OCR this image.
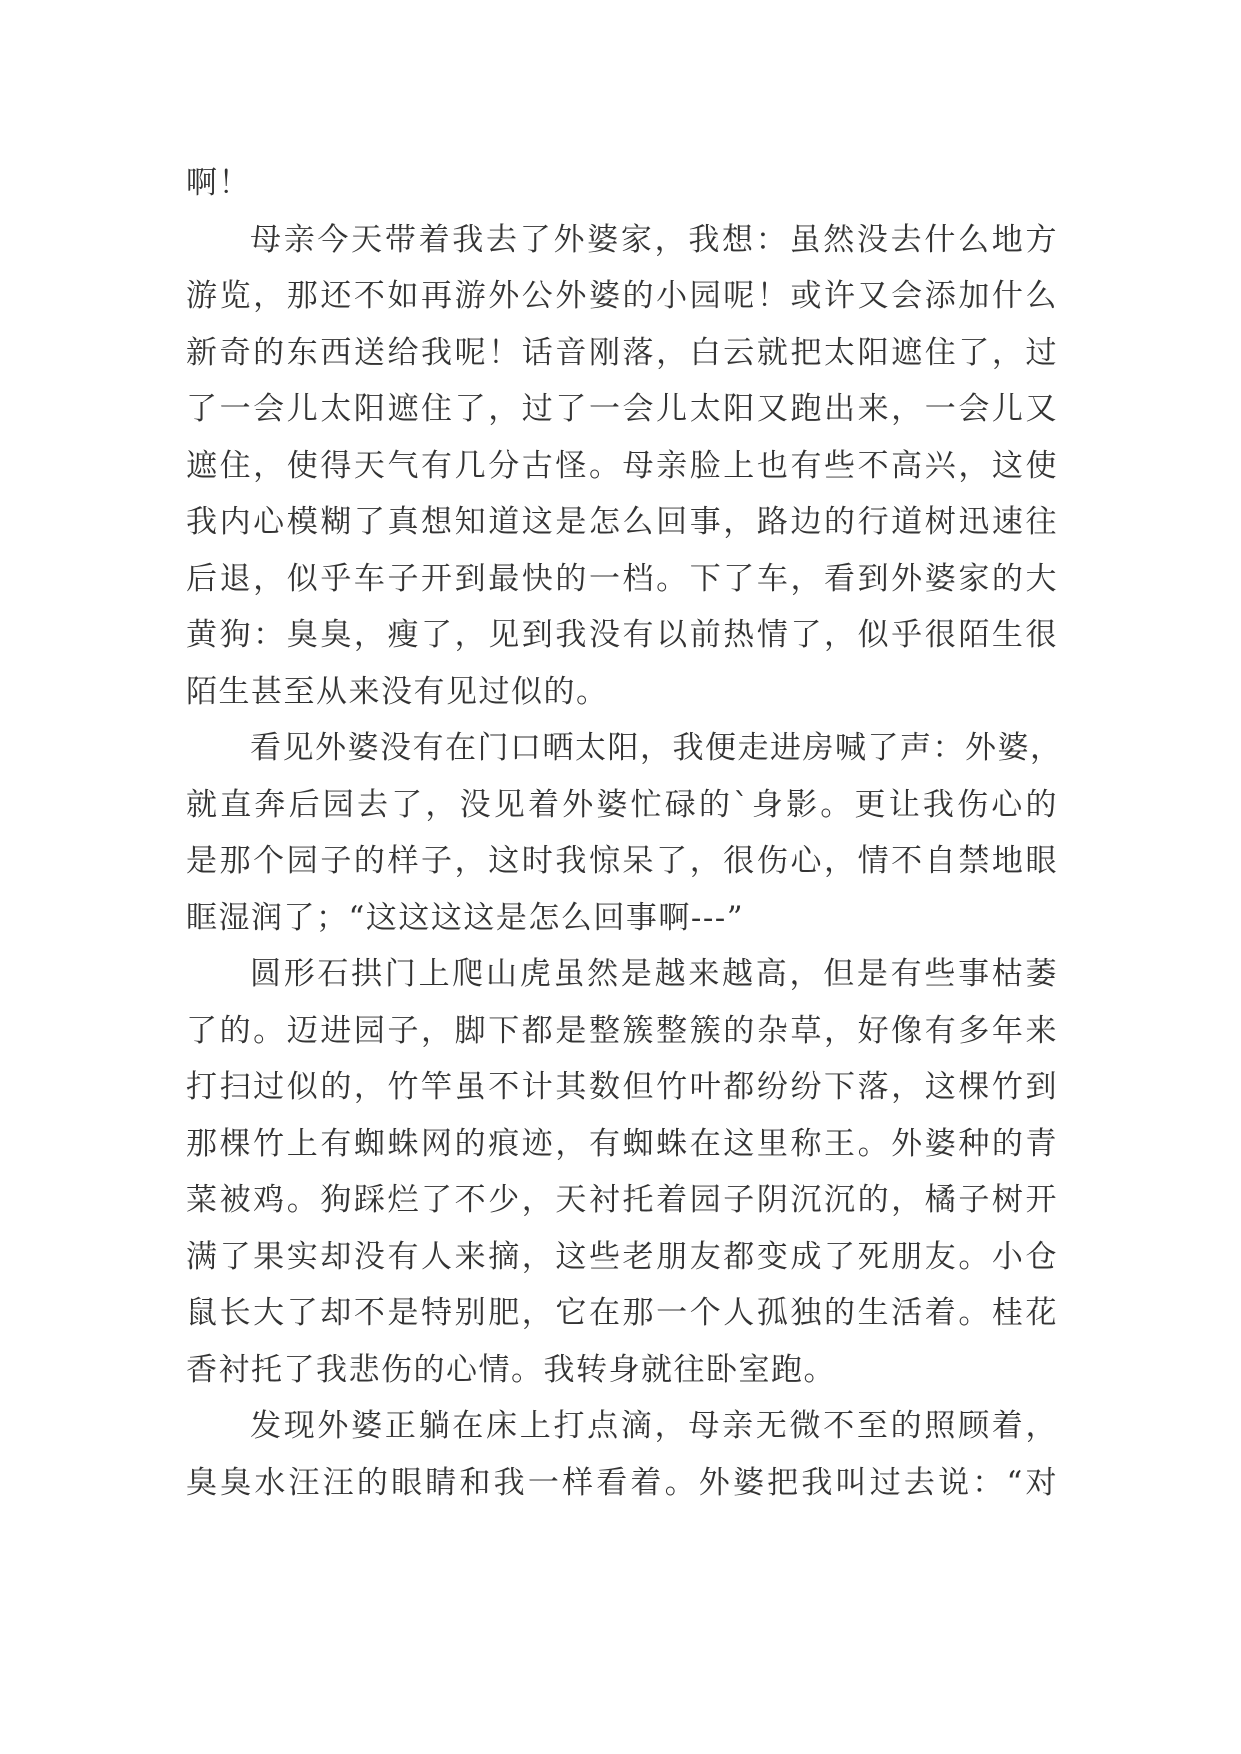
啊！
母亲今天带着我去了外婆家，我想：虽然没去什么地方
游览，那还不如再游外公外婆的小园呢！或许又会添加什么
新奇的东西送给我呢！话音刚落，白云就把太阳遮住了，过
了一会儿太阳遮住了，过了一会儿太阳又跑出来，一会儿又
遮住，使得天气有几分古怪。母亲脸上也有些不高兴，这使
我内心模糊了真想知道这是怎么回事，路边的行道树迅速往
后退，似乎车子开到最快的一档。下了车，看到外婆家的大
黄狗：臭臭，瘦了，见到我没有以前热情了，似乎很陌生很
陌生甚至从来没有见过似的。
看见外婆没有在门口晒太阳，我便走进房喊了声：外婆，
就直奔后园去了，没见着外婆忙碌的`身影。更让我伤心的
是那个园子的样子，这时我惊呆了，很伤心，情不自禁地眼
眶湿润了；“这这这这是怎么回事啊---”
圆形石拱门上爬山虎虽然是越来越高，但是有些事枯萎
了的。迈进园子，脚下都是整簇整簇的杂草，好像有多年来
打扫过似的，竹竿虽不计其数但竹叶都纷纷下落，这棵竹到
那棵竹上有蜘蛛网的痕迹，有蜘蛛在这里称王。外婆种的青
菜被鸡。狗踩烂了不少，天衬托着园子阴沉沉的，橘子树开
满了果实却没有人来摘，这些老朋友都变成了死朋友。小仓
鼠长大了却不是特别肥，它在那一个人孤独的生活着。桂花
香衬托了我悲伤的心情。我转身就往卧室跑。
发现外婆正躺在床上打点滴，母亲无微不至的照顾着，
臭臭水汪汪的眼睛和我一样看着。外婆把我叫过去说：“对
